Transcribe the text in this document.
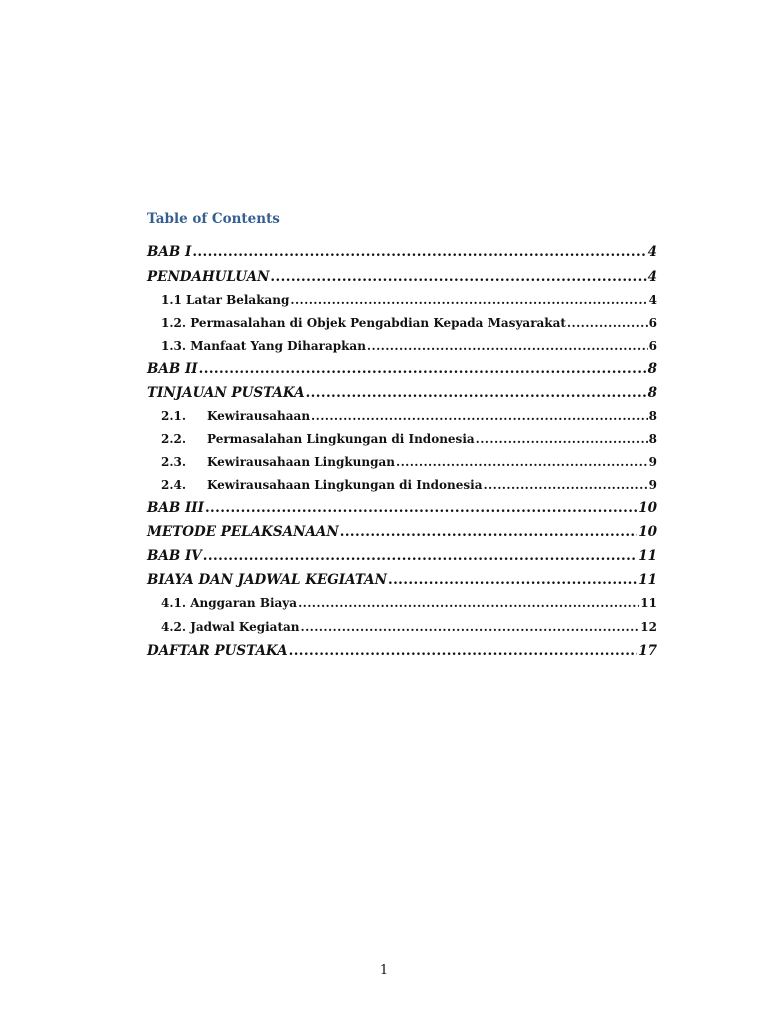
Table of Contents
BAB I .....	4
PENDAHULUAN .....	4
1.1 Latar Belakang .....	4
1.2. Permasalahan di Objek Pengabdian Kepada Masyarakat .....	6
1.3. Manfaat Yang Diharapkan .....	6
BAB II .....	8
TINJAUAN PUSTAKA .....	8
2.1.	Kewirausahaan .....	8
2.2.	Permasalahan Lingkungan di Indonesia .....	8
2.3.	Kewirausahaan Lingkungan .....	9
2.4.	Kewirausahaan Lingkungan di Indonesia .....	9
BAB III .....	10
METODE PELAKSANAAN .....	10
BAB IV .....	11
BIAYA DAN JADWAL KEGIATAN .....	11
4.1. Anggaran Biaya .....	11
4.2. Jadwal Kegiatan .....	12
DAFTAR PUSTAKA .....	17
1
